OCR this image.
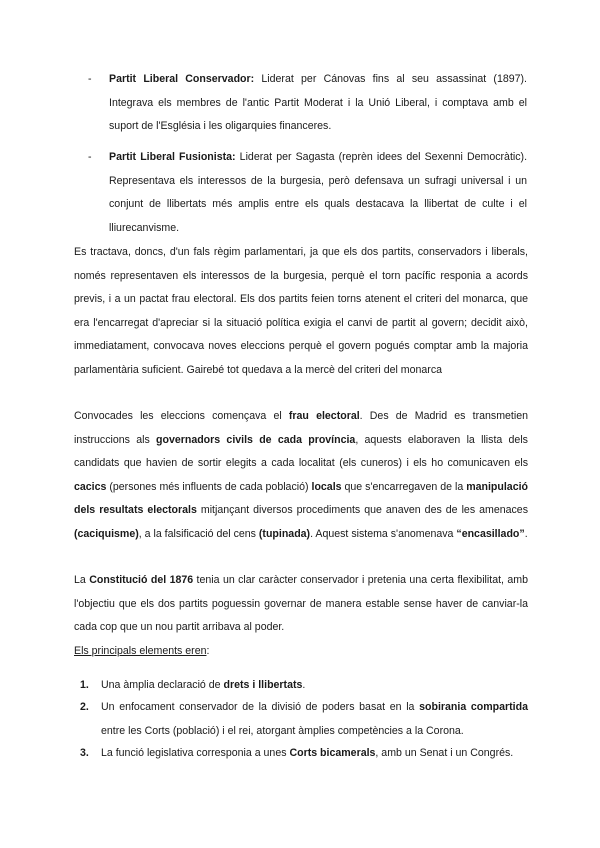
-	Partit Liberal Conservador: Liderat per Cánovas fins al seu assassinat (1897). Integrava els membres de l'antic Partit Moderat i la Unió Liberal, i comptava amb el suport de l'Església i les oligarquies financeres.
-	Partit Liberal Fusionista: Liderat per Sagasta (reprèn idees del Sexenni Democràtic). Representava els interessos de la burgesia, però defensava un sufragi universal i un conjunt de llibertats més amplis entre els quals destacava la llibertat de culte i el lliurecanvisme.

Es tractava, doncs, d'un fals règim parlamentari, ja que els dos partits, conservadors i liberals, només representaven els interessos de la burgesia, perquè el torn pacífic responia a acords previs, i a un pactat frau electoral. Els dos partits feien torns atenent el criteri del monarca, que era l'encarregat d'apreciar si la situació política exigia el canvi de partit al govern; decidit això, immediatament, convocava noves eleccions perquè el govern pogués comptar amb la majoria parlamentària suficient. Gairebé tot quedava a la mercè del criteri del monarca

Convocades les eleccions començava el frau electoral. Des de Madrid es transmetien instruccions als governadors civils de cada província, aquests elaboraven la llista dels candidats que havien de sortir elegits a cada localitat (els cuneros) i els ho comunicaven els cacics (persones més influents de cada població) locals que s'encarregaven de la manipulació dels resultats electorals mitjançant diversos procediments que anaven des de les amenaces (caciquisme), a la falsificació del cens (tupinada). Aquest sistema s'anomenava “encasillado”.

La Constitució del 1876 tenia un clar caràcter conservador i pretenia una certa flexibilitat, amb l'objectiu que els dos partits poguessin governar de manera estable sense haver de canviar-la cada cop que un nou partit arribava al poder.

Els principals elements eren:

1.	Una àmplia declaració de drets i llibertats.
2.	Un enfocament conservador de la divisió de poders basat en la sobirania compartida entre les Corts (població) i el rei, atorgant àmplies competències a la Corona.
3.	La funció legislativa corresponia a unes Corts bicamerals, amb un Senat i un Congrés.
